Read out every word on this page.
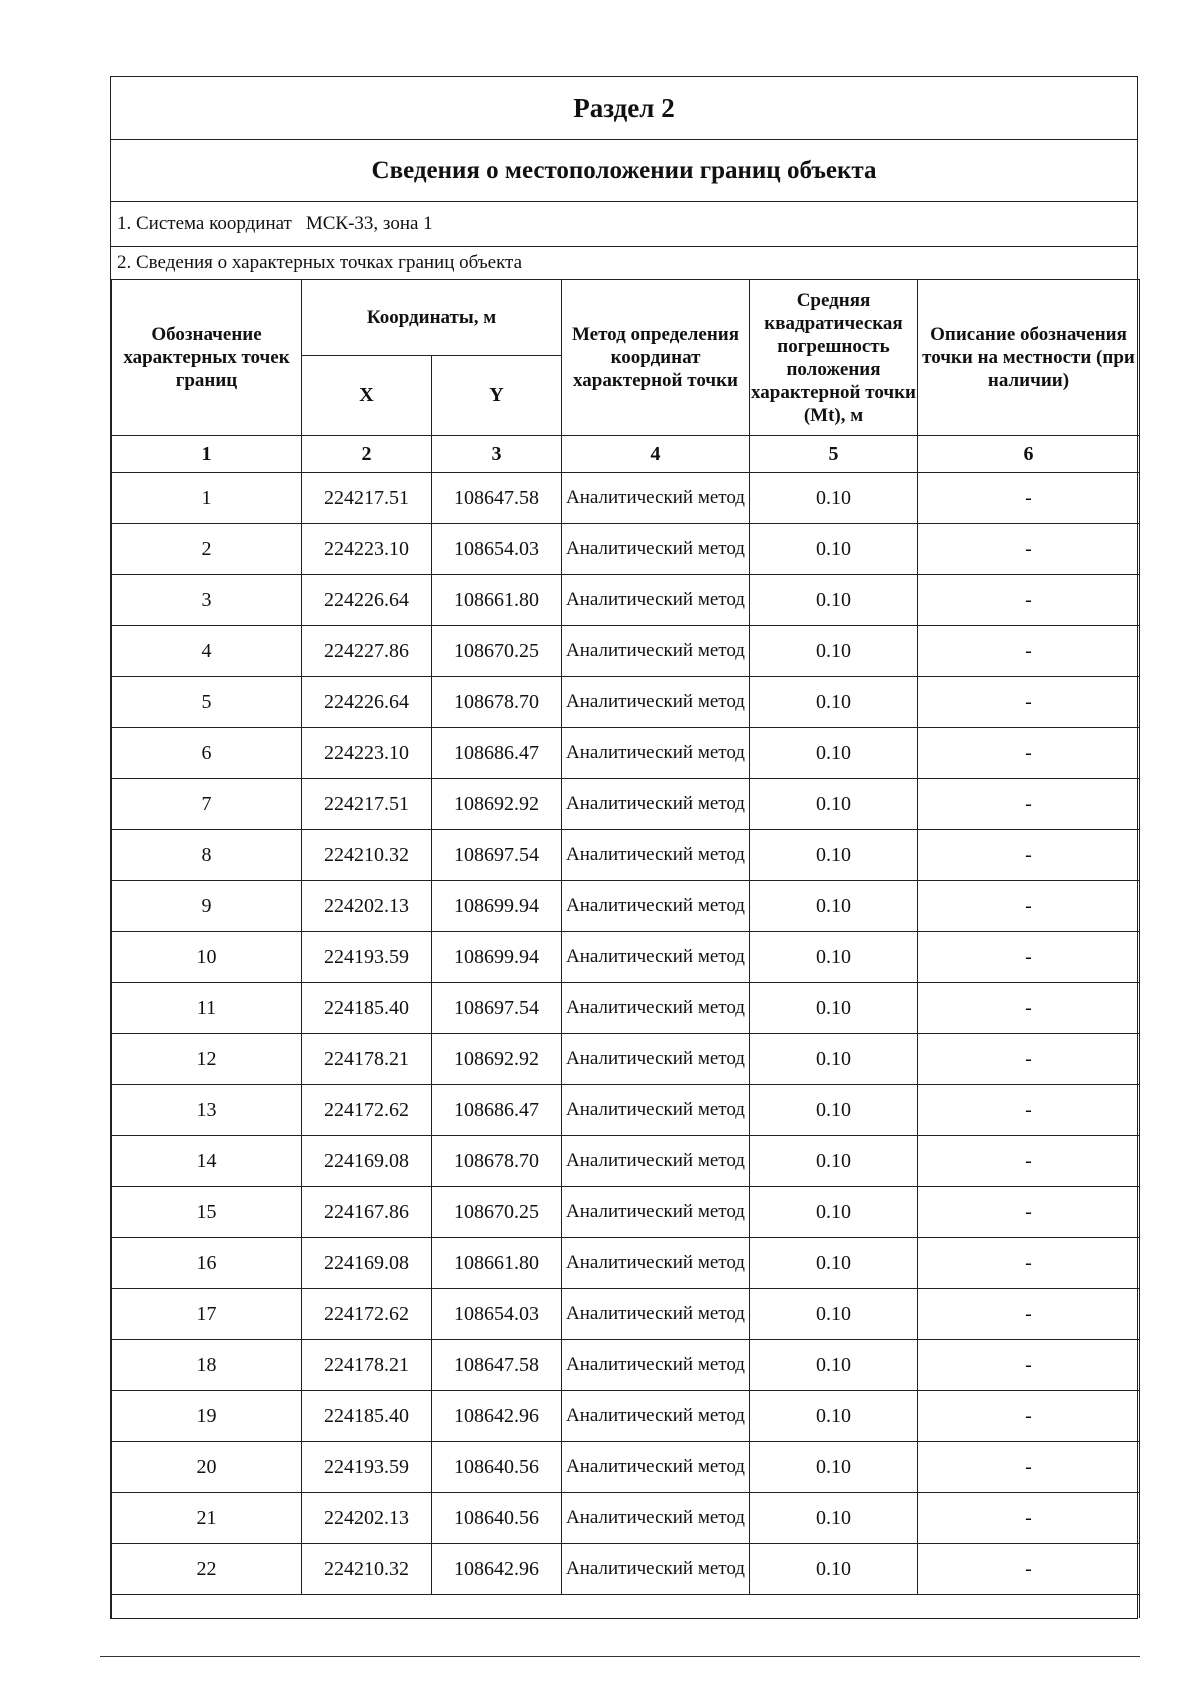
Раздел 2
Сведения о местоположении границ объекта
1. Система координат МСК-33, зона 1
2. Сведения о характерных точках границ объекта
Обозначение характерных точек границ	Координаты, м		Метод определения координат характерной точки	Средняя квадратическая погрешность положения характерной точки (Mt), м	Описание обозначения точки на местности (при наличии)
	X	Y			
1	2	3	4	5	6
1	224217.51	108647.58	Аналитический метод	0.10	-
2	224223.10	108654.03	Аналитический метод	0.10	-
3	224226.64	108661.80	Аналитический метод	0.10	-
4	224227.86	108670.25	Аналитический метод	0.10	-
5	224226.64	108678.70	Аналитический метод	0.10	-
6	224223.10	108686.47	Аналитический метод	0.10	-
7	224217.51	108692.92	Аналитический метод	0.10	-
8	224210.32	108697.54	Аналитический метод	0.10	-
9	224202.13	108699.94	Аналитический метод	0.10	-
10	224193.59	108699.94	Аналитический метод	0.10	-
11	224185.40	108697.54	Аналитический метод	0.10	-
12	224178.21	108692.92	Аналитический метод	0.10	-
13	224172.62	108686.47	Аналитический метод	0.10	-
14	224169.08	108678.70	Аналитический метод	0.10	-
15	224167.86	108670.25	Аналитический метод	0.10	-
16	224169.08	108661.80	Аналитический метод	0.10	-
17	224172.62	108654.03	Аналитический метод	0.10	-
18	224178.21	108647.58	Аналитический метод	0.10	-
19	224185.40	108642.96	Аналитический метод	0.10	-
20	224193.59	108640.56	Аналитический метод	0.10	-
21	224202.13	108640.56	Аналитический метод	0.10	-
22	224210.32	108642.96	Аналитический метод	0.10	-
